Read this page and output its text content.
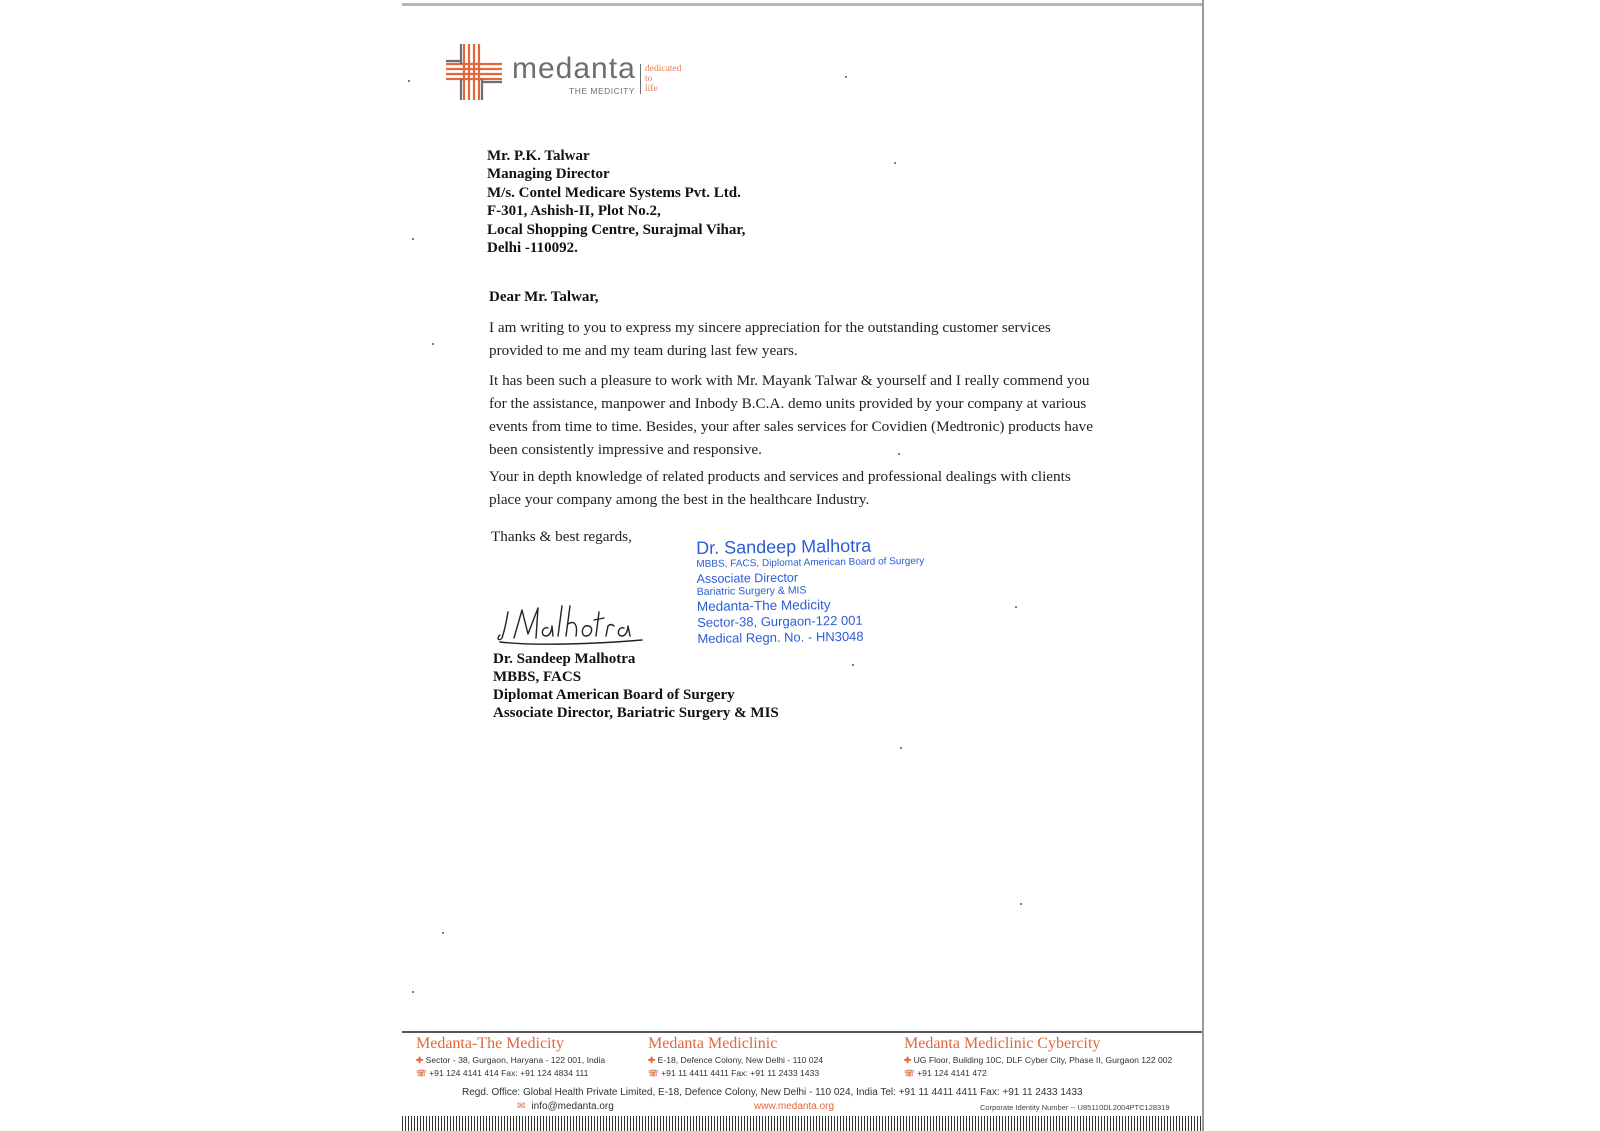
medanta
THE MEDICITY
dedicated
to
life
Mr. P.K. Talwar
Managing Director
M/s. Contel Medicare Systems Pvt. Ltd.
F-301, Ashish-II, Plot No.2,
Local Shopping Centre, Surajmal Vihar,
Delhi -110092.
Dear Mr. Talwar,
I am writing to you to express my sincere appreciation for the outstanding customer services provided to me and my team during last few years.
It has been such a pleasure to work with Mr. Mayank Talwar & yourself and I really commend you for the assistance, manpower and Inbody B.C.A. demo units provided by your company at various events from time to time. Besides, your after sales services for Covidien (Medtronic) products have been consistently impressive and responsive.
Your in depth knowledge of related products and services and professional dealings with clients place your company among the best in the healthcare Industry.
Thanks & best regards,	Dr. Sandeep Malhotra
MBBS, FACS, Diplomat American Board of Surgery
Associate Director
Bariatric Surgery & MIS
Medanta-The Medicity
Sector-38, Gurgaon-122 001
Medical Regn. No. - HN3048
Dr. Sandeep Malhotra
MBBS, FACS
Diplomat American Board of Surgery
Associate Director, Bariatric Surgery & MIS
Medanta-The Medicity
✚ Sector - 38, Gurgaon, Haryana - 122 001, India
☏ +91 124 4141 414 Fax: +91 124 4834 111
Medanta Mediclinic
✚ E-18, Defence Colony, New Delhi - 110 024
☏ +91 11 4411 4411 Fax: +91 11 2433 1433
Medanta Mediclinic Cybercity
✚ UG Floor, Building 10C, DLF Cyber City, Phase II, Gurgaon 122 002
☏ +91 124 4141 472
Regd. Office: Global Health Private Limited, E-18, Defence Colony, New Delhi - 110 024, India Tel: +91 11 4411 4411 Fax: +91 11 2433 1433
✉ info@medanta.org	www.medanta.org	Corporate Identity Number -- U85110DL2004PTC128319
